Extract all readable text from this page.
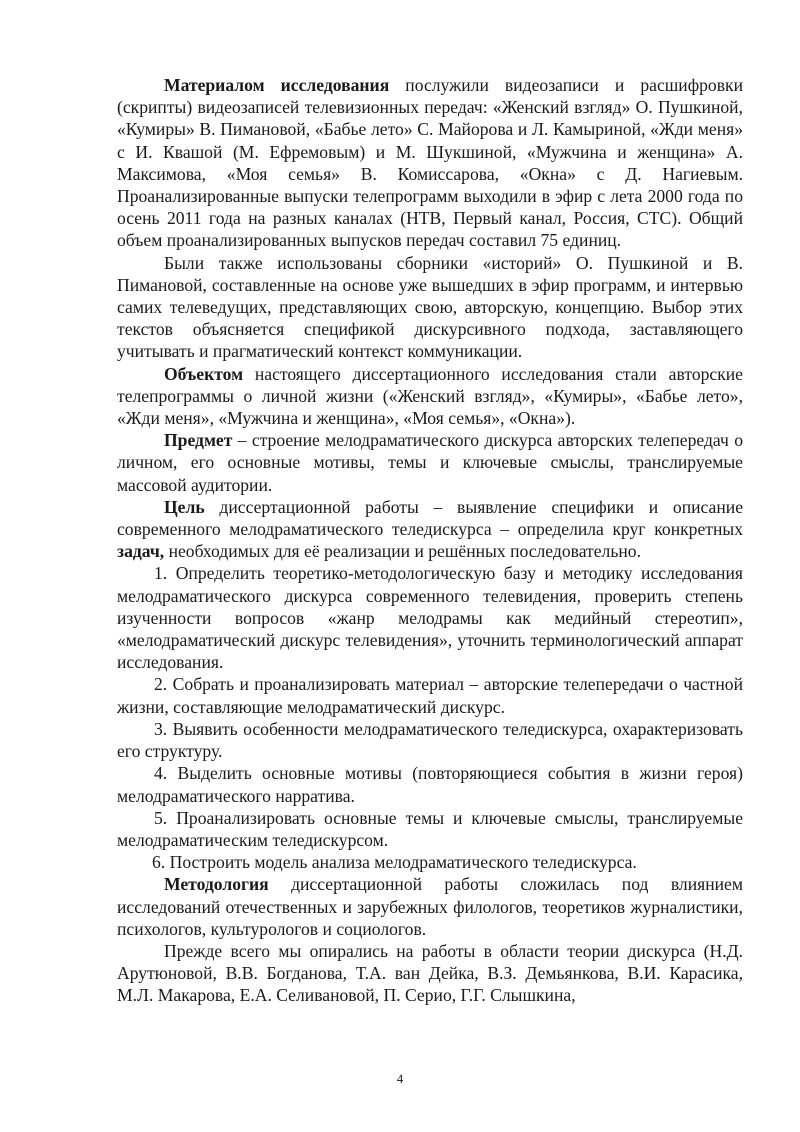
Материалом исследования послужили видеозаписи и расшифровки (скрипты) видеозаписей телевизионных передач: «Женский взгляд» О. Пушкиной, «Кумиры» В. Пимановой, «Бабье лето» С. Майорова и Л. Камыриной, «Жди меня» с И. Квашой (М. Ефремовым) и М. Шукшиной, «Мужчина и женщина» А. Максимова, «Моя семья» В. Комиссарова, «Окна» с Д. Нагиевым. Проанализированные выпуски телепрограмм выходили в эфир с лета 2000 года по осень 2011 года на разных каналах (НТВ, Первый канал, Россия, СТС). Общий объем проанализированных выпусков передач составил 75 единиц.

Были также использованы сборники «историй» О. Пушкиной и В. Пимановой, составленные на основе уже вышедших в эфир программ, и интервью самих телеведущих, представляющих свою, авторскую, концепцию. Выбор этих текстов объясняется спецификой дискурсивного подхода, заставляющего учитывать и прагматический контекст коммуникации.

Объектом настоящего диссертационного исследования стали авторские телепрограммы о личной жизни («Женский взгляд», «Кумиры», «Бабье лето», «Жди меня», «Мужчина и женщина», «Моя семья», «Окна»).

Предмет – строение мелодраматического дискурса авторских телепередач о личном, его основные мотивы, темы и ключевые смыслы, транслируемые массовой аудитории.

Цель диссертационной работы – выявление специфики и описание современного мелодраматического теледискурса – определила круг конкретных задач, необходимых для её реализации и решённых последовательно.

1. Определить теоретико-методологическую базу и методику исследования мелодраматического дискурса современного телевидения, проверить степень изученности вопросов «жанр мелодрамы как медийный стереотип», «мелодраматический дискурс телевидения», уточнить терминологический аппарат исследования.

2. Собрать и проанализировать материал – авторские телепередачи о частной жизни, составляющие мелодраматический дискурс.

3. Выявить особенности мелодраматического теледискурса, охарактеризовать его структуру.

4. Выделить основные мотивы (повторяющиеся события в жизни героя) мелодраматического нарратива.

5. Проанализировать основные темы и ключевые смыслы, транслируемые мелодраматическим теледискурсом.

6. Построить модель анализа мелодраматического теледискурса.

Методология диссертационной работы сложилась под влиянием исследований отечественных и зарубежных филологов, теоретиков журналистики, психологов, культурологов и социологов.

Прежде всего мы опирались на работы в области теории дискурса (Н.Д. Арутюновой, В.В. Богданова, Т.А. ван Дейка, В.З. Демьянкова, В.И. Карасика, М.Л. Макарова, Е.А. Селивановой, П. Серио, Г.Г. Слышкина,

4
